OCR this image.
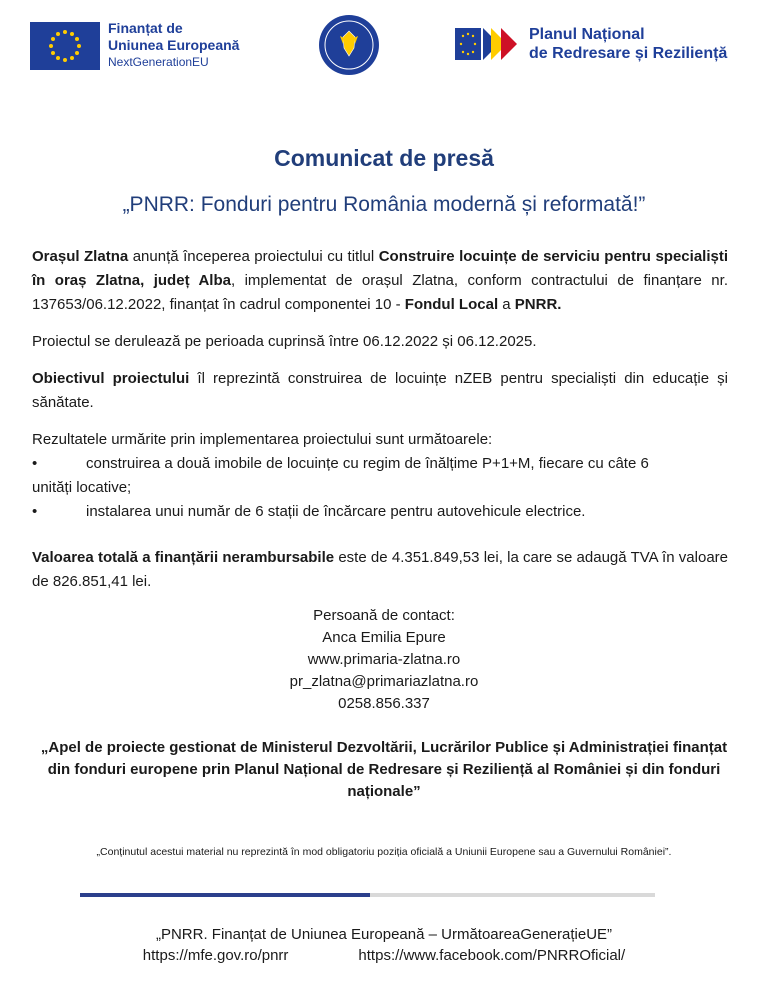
Finanțat de
Uniunea Europeană
NextGenerationEU
Planul Național
de Redresare și Reziliență
Comunicat de presă
„PNRR: Fonduri pentru România modernă și reformată!”

Orașul Zlatna anunță începerea proiectului cu titlul Construire locuințe de serviciu pentru specialiști în oraș Zlatna, județ Alba, implementat de orașul Zlatna, conform contractului de finanțare nr. 137653/06.12.2022, finanțat în cadrul componentei 10 - Fondul Local a PNRR.

Proiectul se derulează pe perioada cuprinsă între 06.12.2022 și 06.12.2025.

Obiectivul proiectului îl reprezintă construirea de locuințe nZEB pentru specialiști din educație și sănătate.

Rezultatele urmărite prin implementarea proiectului sunt următoarele:
•	construirea a două imobile de locuințe cu regim de înălțime P+1+M, fiecare cu câte 6
unități locative;
•	instalarea unui număr de 6 stații de încărcare pentru autovehicule electrice.

Valoarea totală a finanțării nerambursabile este de 4.351.849,53 lei, la care se adaugă TVA în valoare de 826.851,41 lei.

Persoană de contact:
Anca Emilia Epure
www.primaria-zlatna.ro
pr_zlatna@primariazlatna.ro
0258.856.337
„Apel de proiecte gestionat de Ministerul Dezvoltării, Lucrărilor Publice și Administrației finanțat din fonduri europene prin Planul Național de Redresare și Reziliență al României și din fonduri naționale”
„Conținutul acestui material nu reprezintă în mod obligatoriu poziția oficială a Uniunii Europene sau a Guvernului României”.
„PNRR. Finanțat de Uniunea Europeană – UrmătoareaGenerațieUE”
https://mfe.gov.ro/pnrr	https://www.facebook.com/PNRROficial/
